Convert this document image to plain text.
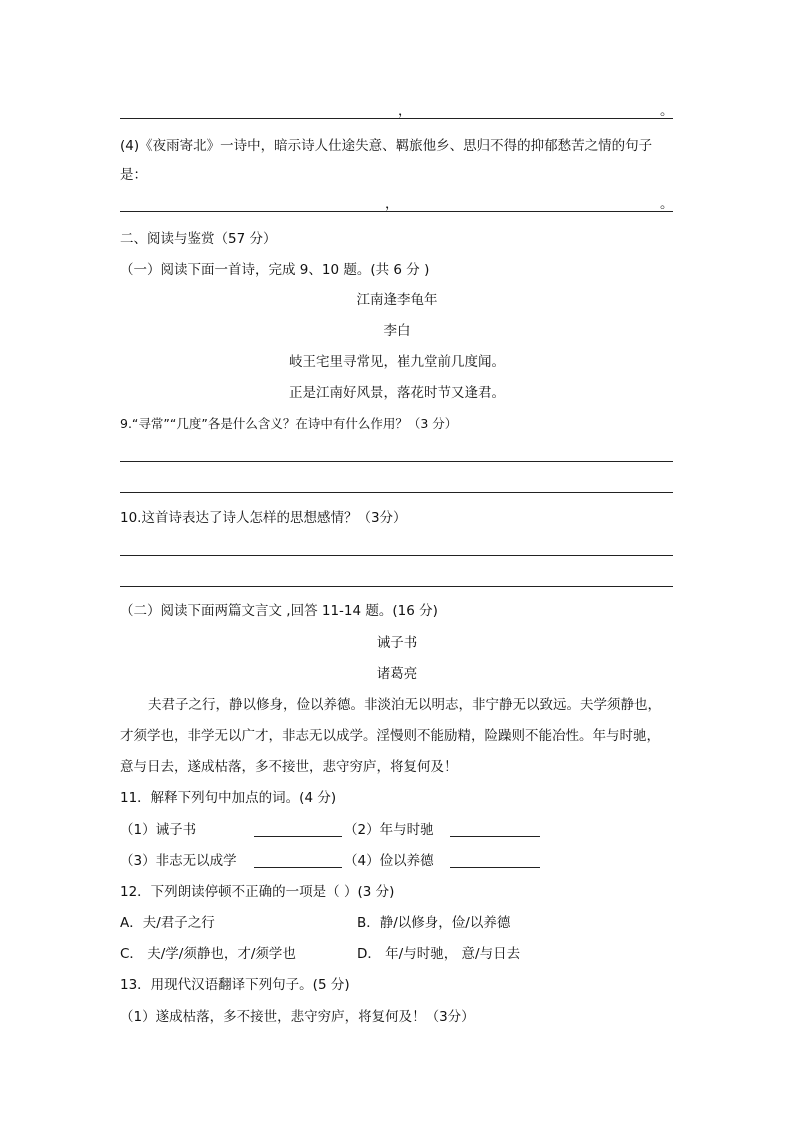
，	。
(4)《夜雨寄北》一诗中，暗示诗人仕途失意、羁旅他乡、思归不得的抑郁愁苦之情的句子
是：
，	。
二、阅读与鉴赏（57 分）
（一）阅读下面一首诗，完成 9、10 题。(共 6 分 )
江南逢李龟年
李白
岐王宅里寻常见，崔九堂前几度闻。
正是江南好风景，落花时节又逢君。
9.“寻常”“几度”各是什么含义？在诗中有什么作用？（3 分）
10.这首诗表达了诗人怎样的思想感情？（3分）
（二）阅读下面两篇文言文 ,回答 11-14 题。(16 分)
诫子书
诸葛亮
夫君子之行，静以修身，俭以养德。非淡泊无以明志，非宁静无以致远。夫学须静也，
才须学也，非学无以广才，非志无以成学。淫慢则不能励精，险躁则不能冶性。年与时驰，
意与日去，遂成枯落，多不接世，悲守穷庐，将复何及！
11．解释下列句中加点的词。(4 分)
（1）诫子书	（2）年与时驰
（3）非志无以成学	（4）俭以养德
12．下列朗读停顿不正确的一项是（ ）(3 分)
A．夫/君子之行	B．静/以修身，俭/以养德
C． 夫/学/须静也，才/须学也	D． 年/与时驰， 意/与日去
13．用现代汉语翻译下列句子。(5 分)
（1）遂成枯落，多不接世，悲守穷庐，将复何及！（3分）
